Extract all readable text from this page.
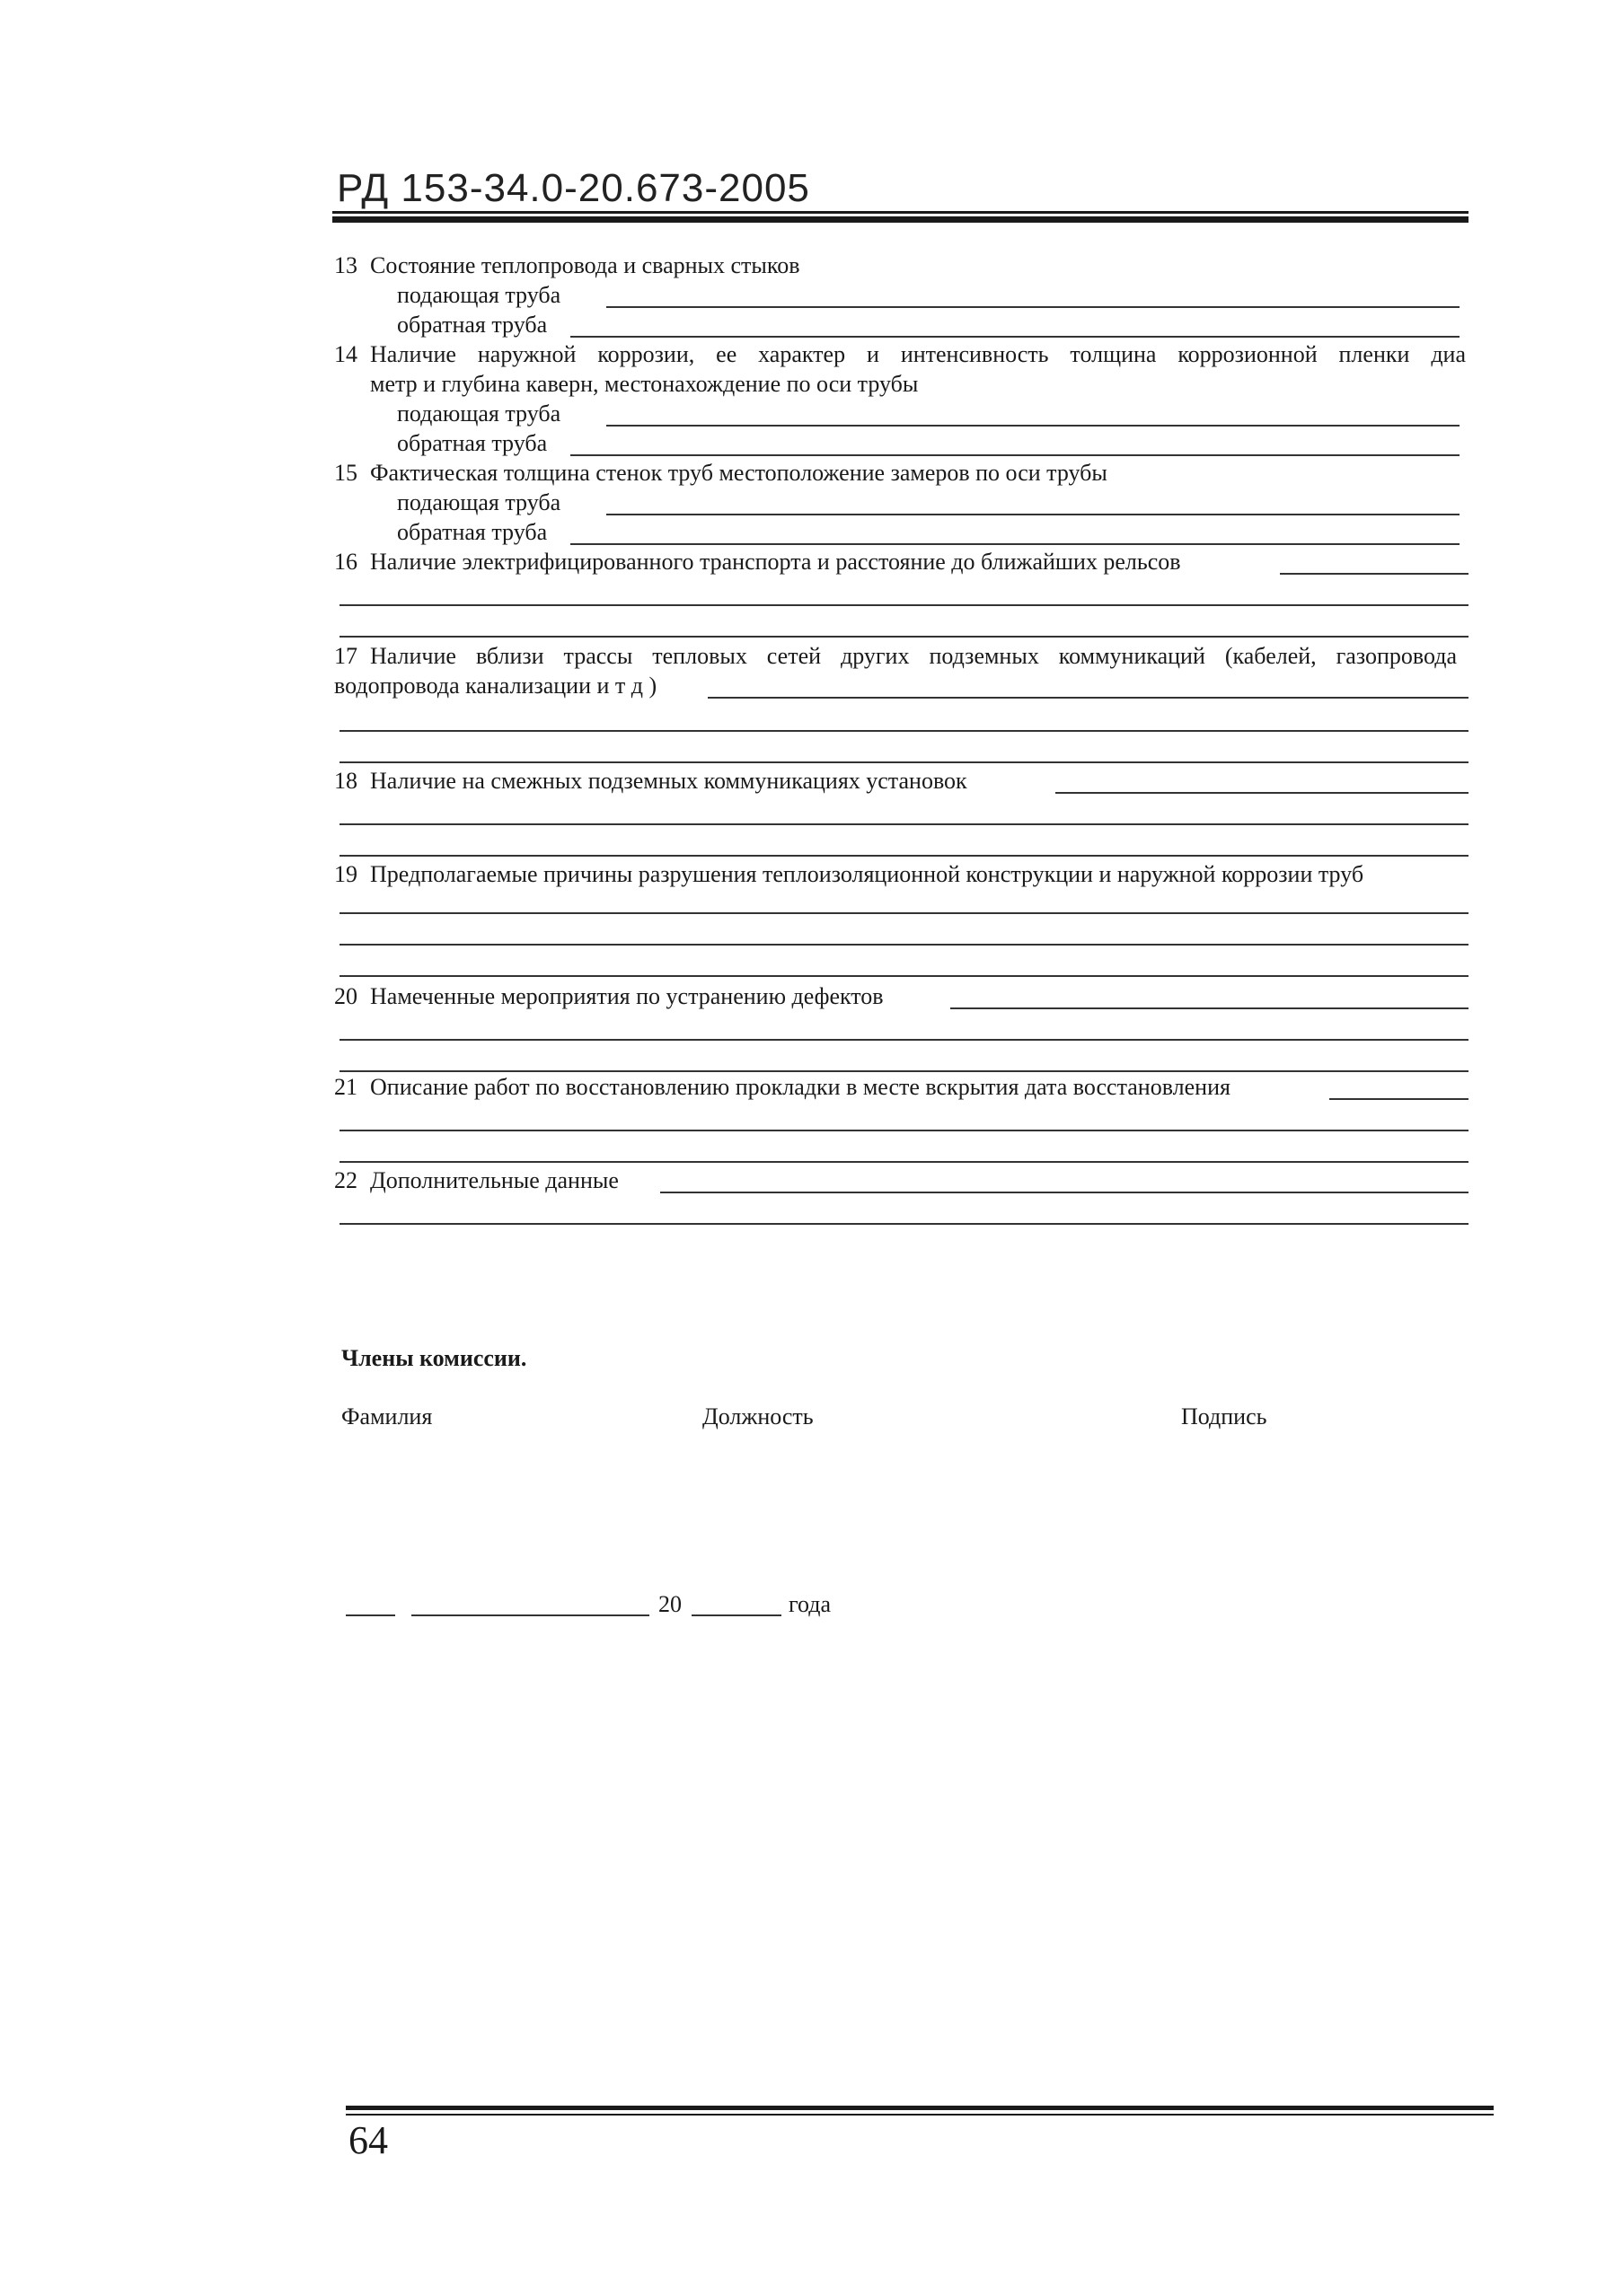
РД 153-34.0-20.673-2005
13 Состояние теплопровода и сварных стыков
подающая труба
обратная труба
14 Наличие наружной коррозии, ее характер и интенсивность толщина коррозионной пленки диа
метр и глубина каверн, местонахождение по оси трубы
подающая труба
обратная труба
15 Фактическая толщина стенок труб местоположение замеров по оси трубы
подающая труба
обратная труба
16 Наличие электрифицированного транспорта и расстояние до ближайших рельсов
17 Наличие вблизи трассы тепловых сетей других подземных коммуникаций (кабелей, газопровода
водопровода канализации и т д )
18 Наличие на смежных подземных коммуникациях установок
19 Предполагаемые причины разрушения теплоизоляционной конструкции и наружной коррозии труб
20 Намеченные мероприятия по устранению дефектов
21 Описание работ по восстановлению прокладки в месте вскрытия дата восстановления
22 Дополнительные данные
Члены комиссии.
Фамилия	Должность	Подпись
20	года
64
